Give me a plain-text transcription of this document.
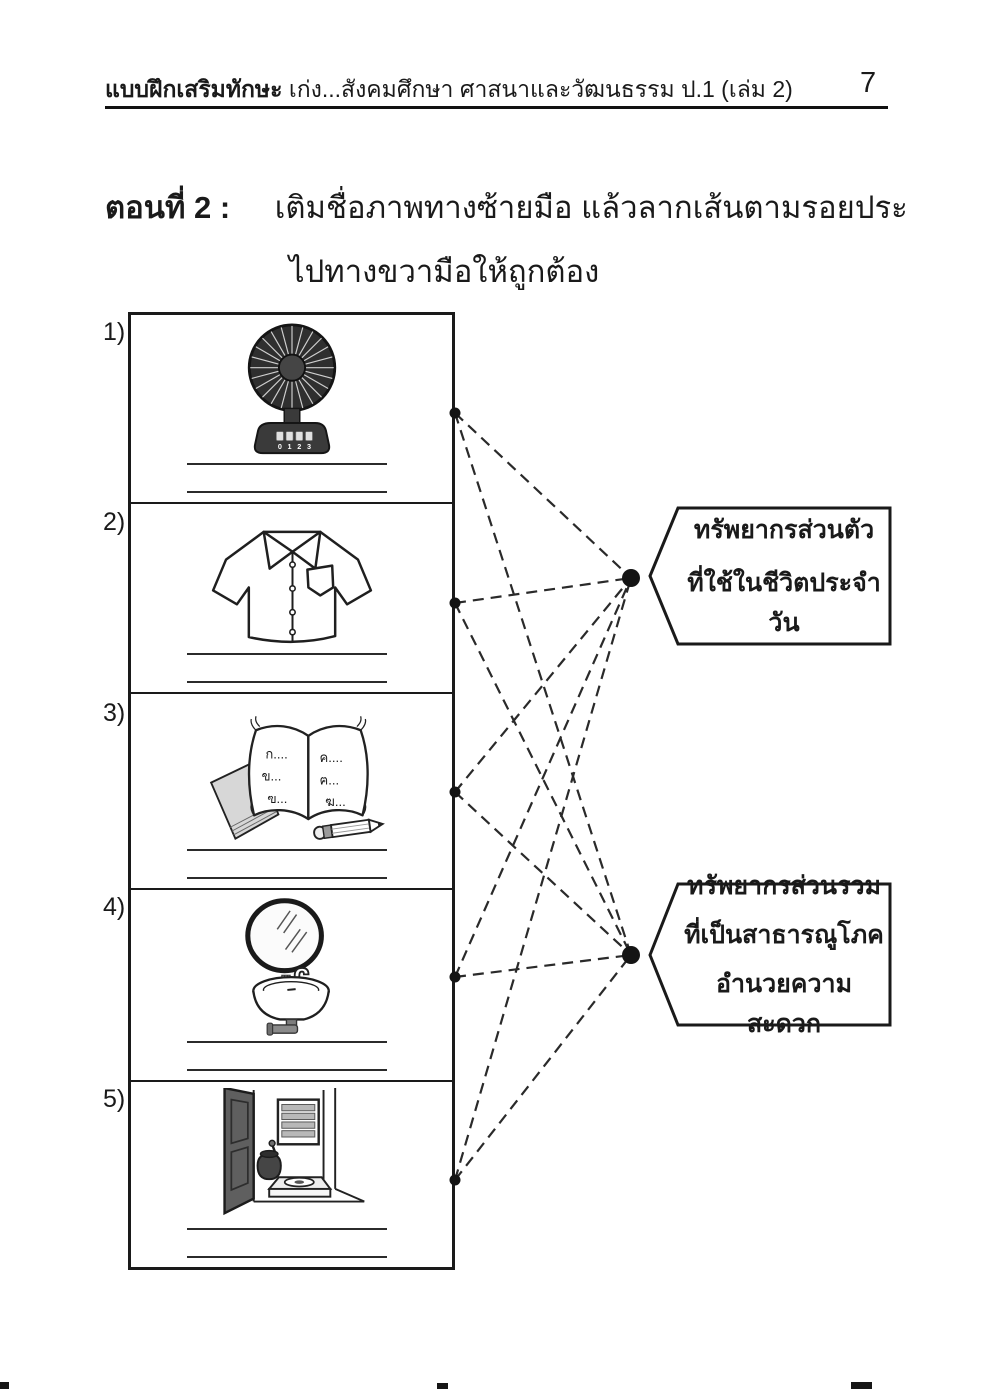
แบบฝึกเสริมทักษะ เก่ง...สังคมศึกษา ศาสนาและวัฒนธรรม ป.1 (เล่ม 2)	7
ตอนที่ 2 : เติมชื่อภาพทางซ้ายมือ แล้วลากเส้นตามรอยประ
ไปทางขวามือให้ถูกต้อง
1)
2)
3)
4)
5)
0 1 2 3
ก....
ข...
ฃ...
ค....
ฅ...
ฆ...
ทรัพยากรส่วนตัว
ที่ใช้ในชีวิตประจำวัน
ทรัพยากรส่วนรวม
ที่เป็นสาธารณูโภค
อำนวยความสะดวก
